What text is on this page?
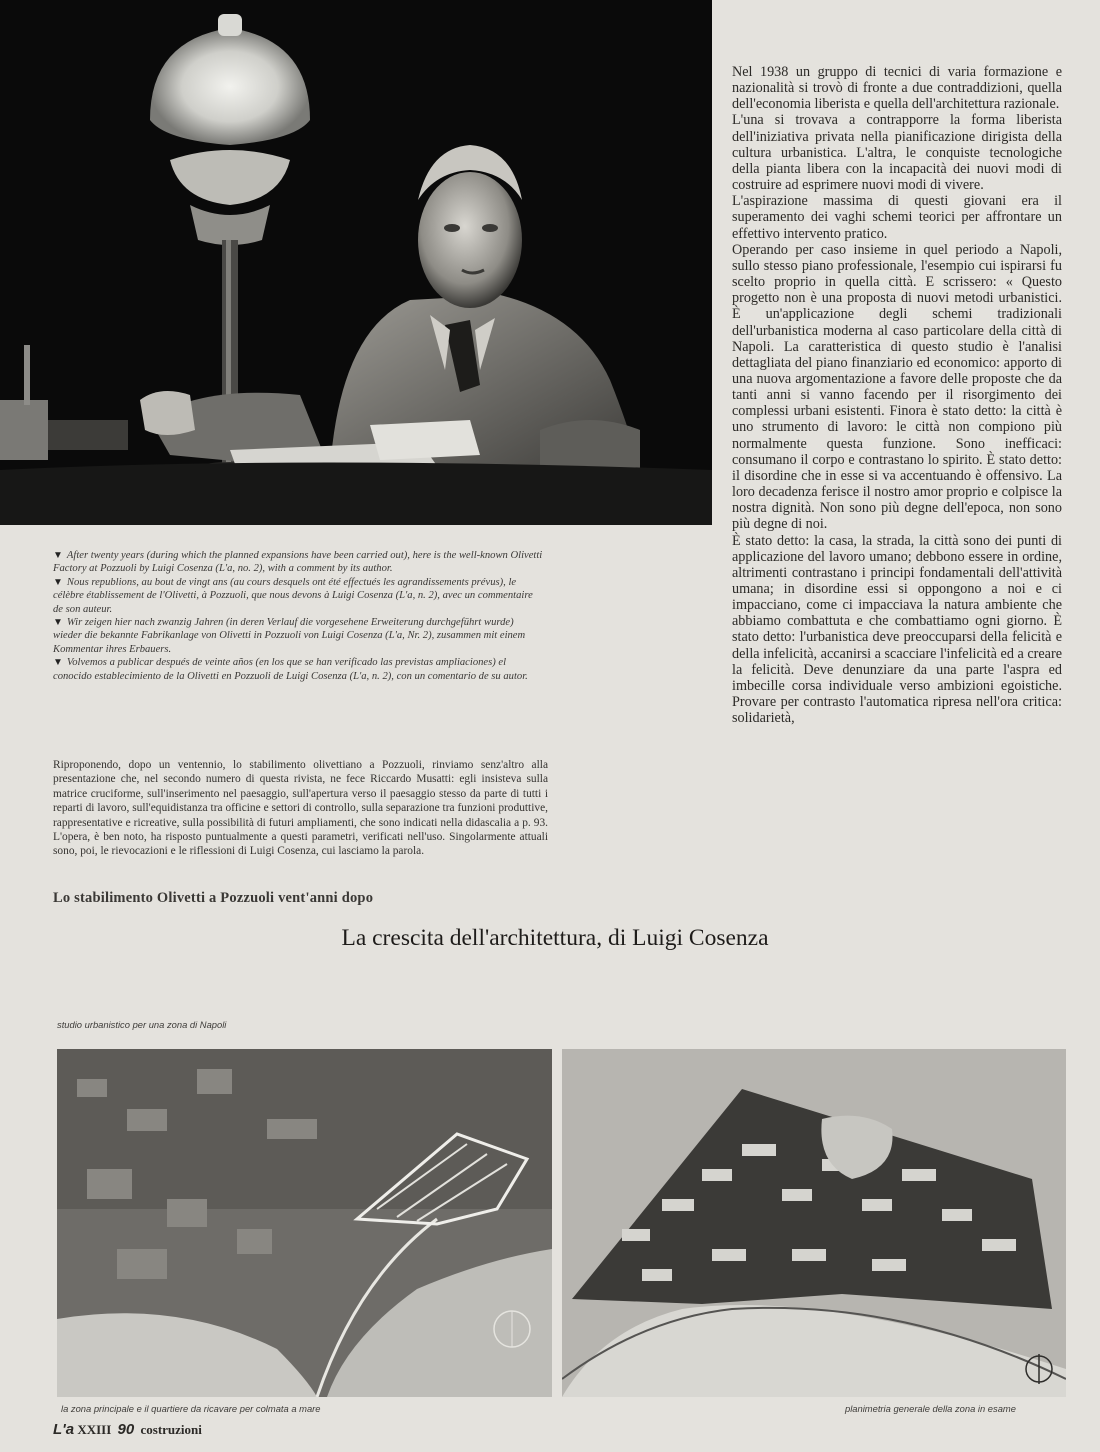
▼ After twenty years (during which the planned expansions have been carried out), here is the well-known Olivetti Factory at Pozzuoli by Luigi Cosenza (L'a, no. 2), with a comment by its author.

▼ Nous republions, au bout de vingt ans (au cours desquels ont été effectués les agrandissements prévus), le célèbre établissement de l'Olivetti, à Pozzuoli, que nous devons à Luigi Cosenza (L'a, n. 2), avec un commentaire de son auteur.

▼ Wir zeigen hier nach zwanzig Jahren (in deren Verlauf die vorgesehene Erweiterung durchgeführt wurde) wieder die bekannte Fabrikanlage von Olivetti in Pozzuoli von Luigi Cosenza (L'a, Nr. 2), zusammen mit einem Kommentar ihres Erbauers.

▼ Volvemos a publicar después de veinte años (en los que se han verificado las previstas ampliaciones) el conocido establecimiento de la Olivetti en Pozzuoli de Luigi Cosenza (L'a, n. 2), con un comentario de su autor.

Riproponendo, dopo un ventennio, lo stabilimento olivettiano a Pozzuoli, rinviamo senz'altro alla presentazione che, nel secondo numero di questa rivista, ne fece Riccardo Musatti: egli insisteva sulla matrice cruciforme, sull'inserimento nel paesaggio, sull'apertura verso il paesaggio stesso da parte di tutti i reparti di lavoro, sull'equidistanza tra officine e settori di controllo, sulla separazione tra funzioni produttive, rappresentative e ricreative, sulla possibilità di futuri ampliamenti, che sono indicati nella didascalia a p. 93. L'opera, è ben noto, ha risposto puntualmente a questi parametri, verificati nell'uso. Singolarmente attuali sono, poi, le rievocazioni e le riflessioni di Luigi Cosenza, cui lasciamo la parola.

Nel 1938 un gruppo di tecnici di varia formazione e nazionalità si trovò di fronte a due contraddizioni, quella dell'economia liberista e quella dell'architettura razionale.

L'una si trovava a contrapporre la forma liberista dell'iniziativa privata nella pianificazione dirigista della cultura urbanistica. L'altra, le conquiste tecnologiche della pianta libera con la incapacità dei nuovi modi di costruire ad esprimere nuovi modi di vivere.

L'aspirazione massima di questi giovani era il superamento dei vaghi schemi teorici per affrontare un effettivo intervento pratico.

Operando per caso insieme in quel periodo a Napoli, sullo stesso piano professionale, l'esempio cui ispirarsi fu scelto proprio in quella città. E scrissero: « Questo progetto non è una proposta di nuovi metodi urbanistici. È un'applicazione degli schemi tradizionali dell'urbanistica moderna al caso particolare della città di Napoli. La caratteristica di questo studio è l'analisi dettagliata del piano finanziario ed economico: apporto di una nuova argomentazione a favore delle proposte che da tanti anni si vanno facendo per il risorgimento dei complessi urbani esistenti. Finora è stato detto: la città è uno strumento di lavoro: le città non compiono più normalmente questa funzione. Sono inefficaci: consumano il corpo e contrastano lo spirito. È stato detto: il disordine che in esse si va accentuando è offensivo. La loro decadenza ferisce il nostro amor proprio e colpisce la nostra dignità. Non sono più degne dell'epoca, non sono più degne di noi.

È stato detto: la casa, la strada, la città sono dei punti di applicazione del lavoro umano; debbono essere in ordine, altrimenti contrastano i principi fondamentali dell'attività umana; in disordine essi si oppongono a noi e ci impacciano, come ci impacciava la natura ambiente che abbiamo combattuta e che combattiamo ogni giorno. È stato detto: l'urbanistica deve preoccuparsi della felicità e della infelicità, accanirsi a scacciare l'infelicità ed a creare la felicità. Deve denunziare da una parte l'aspra ed imbecille corsa individuale verso ambizioni egoistiche. Provare per contrasto l'automatica ripresa nell'ora critica: solidarietà,

Lo stabilimento Olivetti a Pozzuoli vent'anni dopo
La crescita dell'architettura, di Luigi Cosenza
studio urbanistico per una zona di Napoli
la zona principale e il quartiere da ricavare per colmata a mare	planimetria generale della zona in esame
L'a XXIII 90 costruzioni
